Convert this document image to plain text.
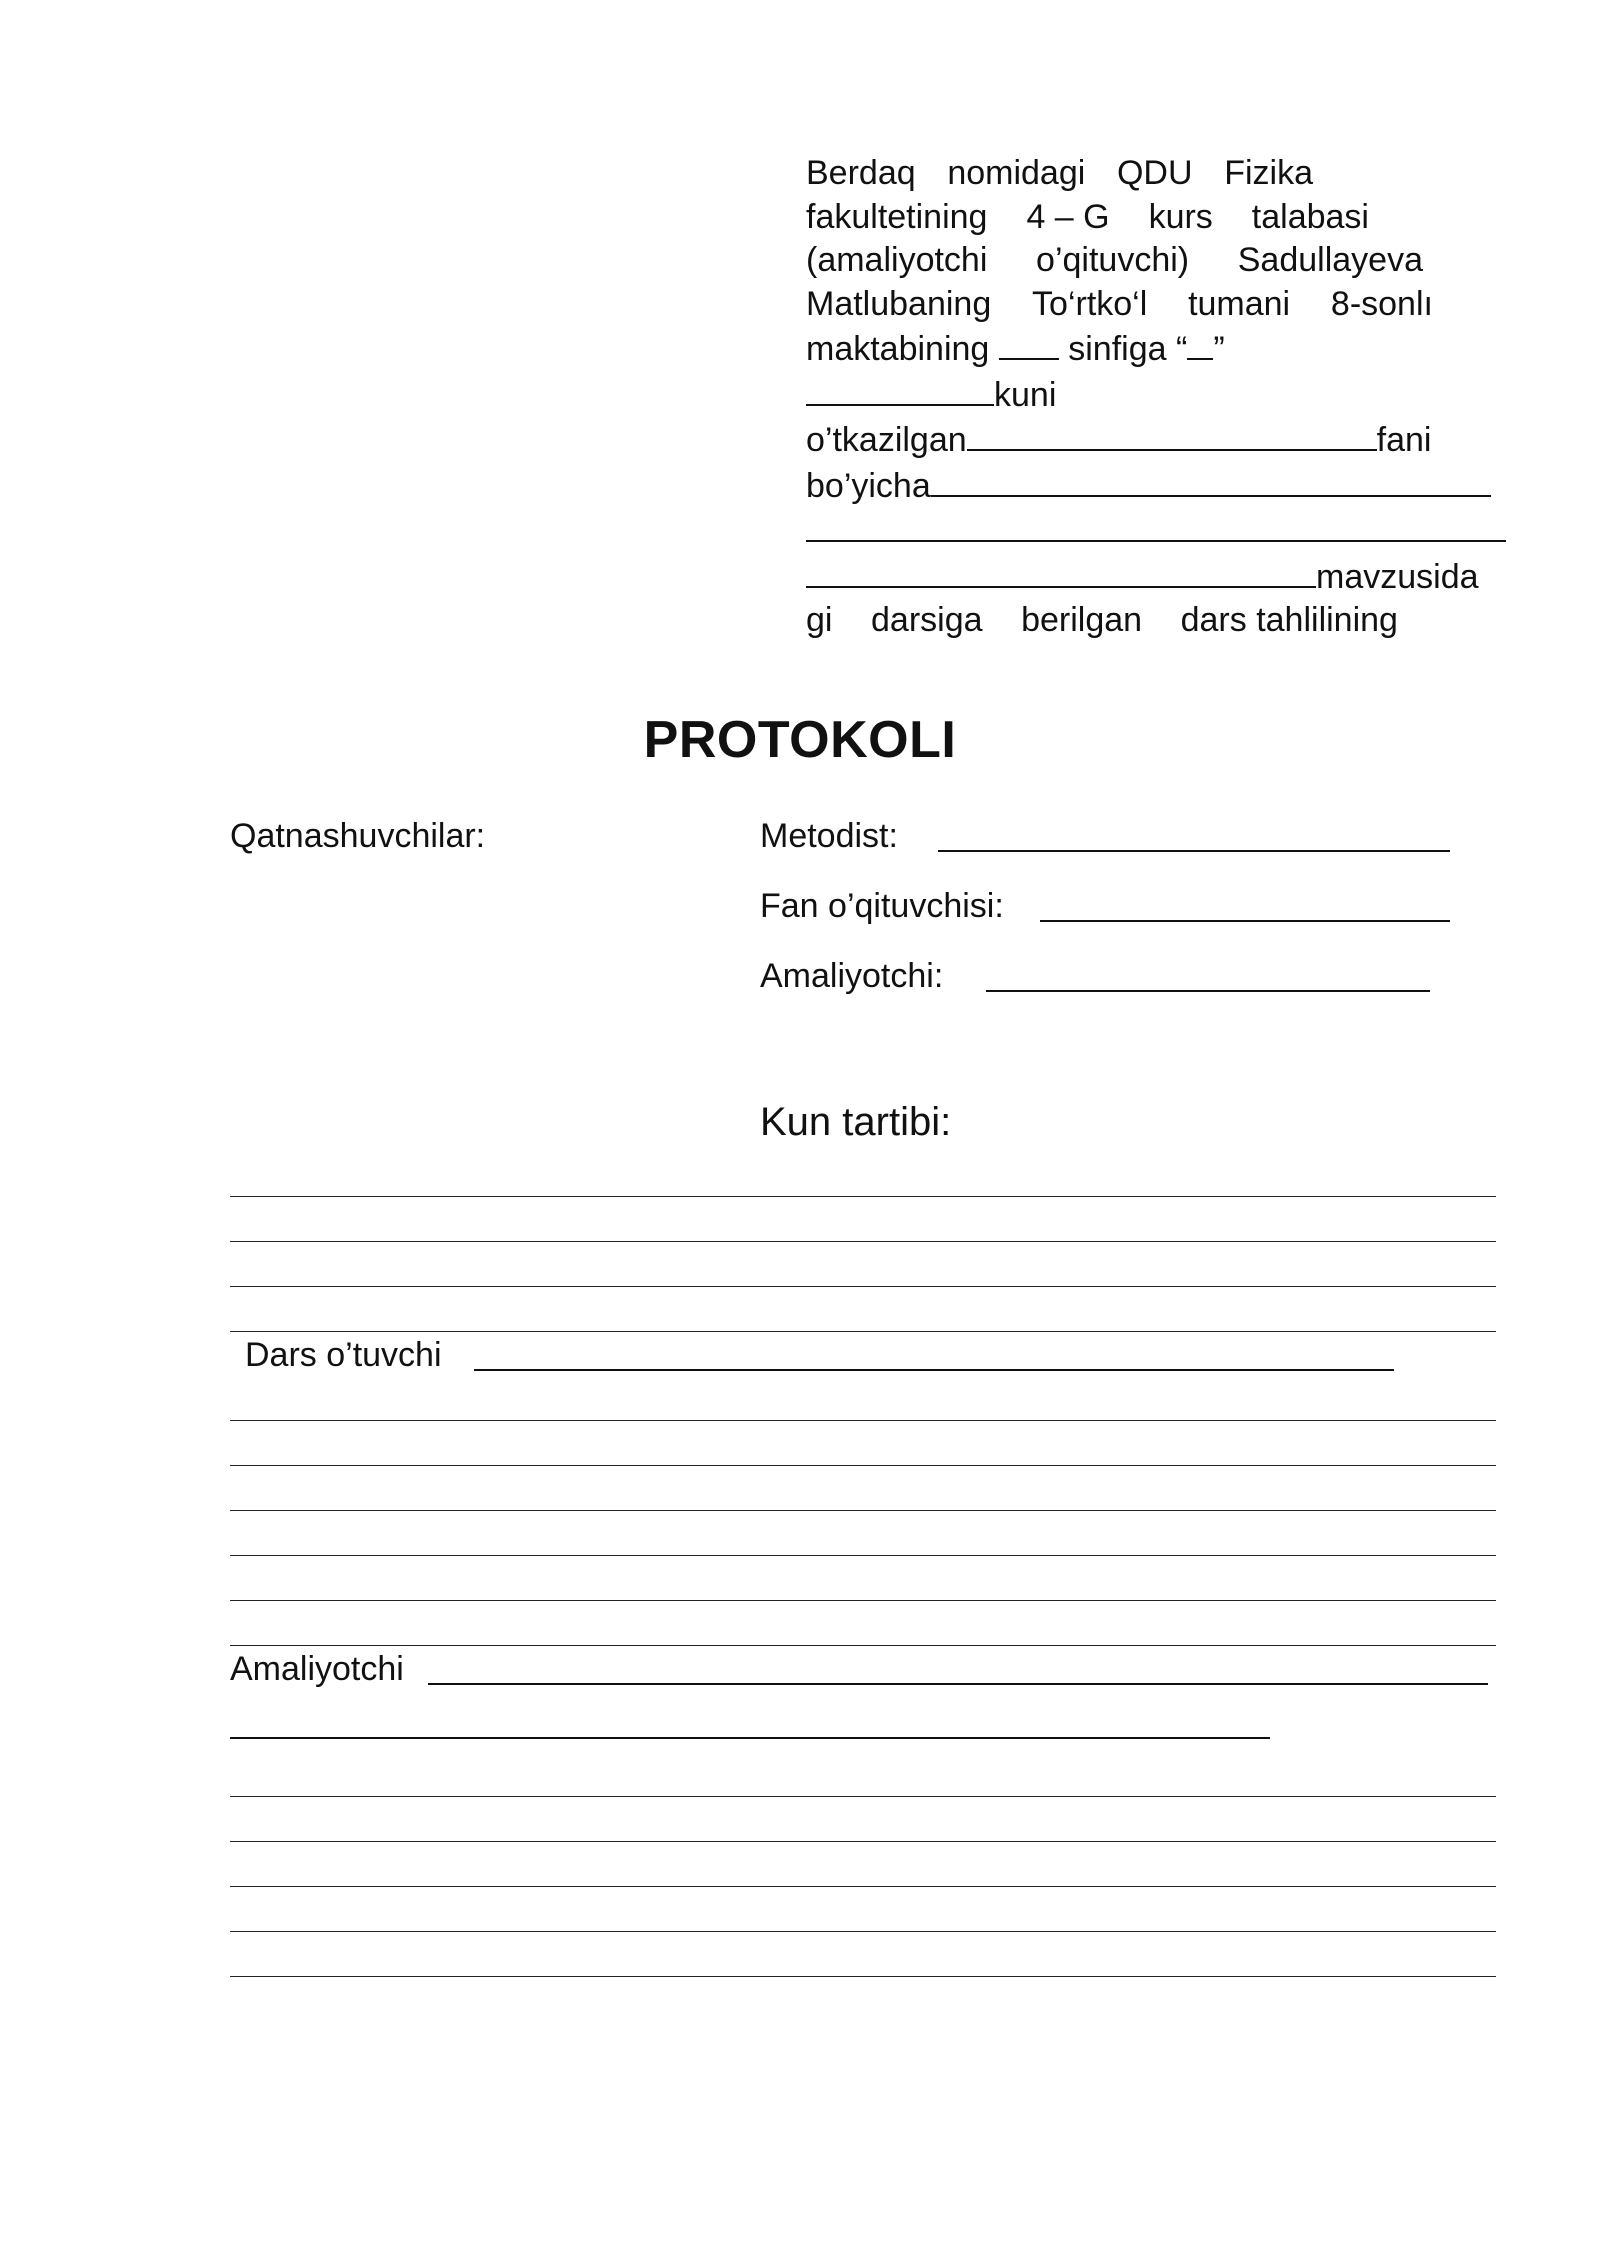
Berdaq nomidagi QDU Fizika
fakultetining 4 – G kurs talabasi
(amaliyotchi o’qituvchi) Sadullayeva
Matlubaning To‘rtko‘l tumani 8-sonlı
maktabining sinfiga “ ”
kuni
o’tkazilgan	fani
bo’yicha
mavzusida
gi darsiga berilgan dars tahlilining
PROTOKOLI
Qatnashuvchilar:	Metodist:
Fan o’qituvchisi:
Amaliyotchi:
Kun tartibi:
Dars o’tuvchi
Amaliyotchi
